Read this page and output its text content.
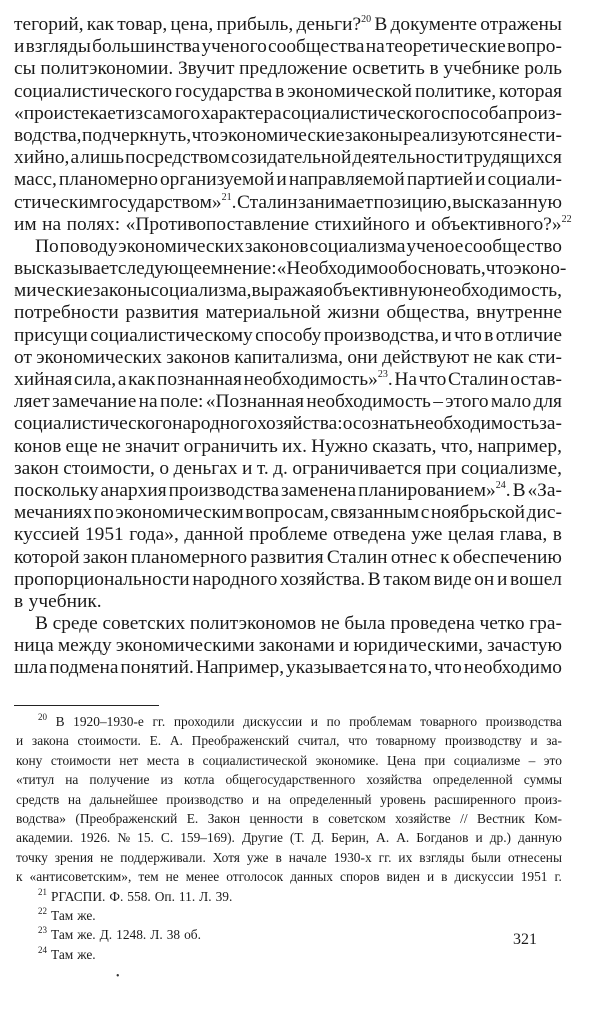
тегорий, как товар, цена, прибыль, деньги?$^{20}$ В документе отражены
и взгляды большинства ученого сообщества на теоретические вопро-
сы политэкономии. Звучит предложение осветить в учебнике роль
социалистического государства в экономической политике, которая
«проистекает из самого характера социалистического способа произ-
водства, подчеркнуть, что экономические законы реализуются не сти-
хийно, а лишь посредством созидательной деятельности трудящихся
масс, планомерно организуемой и направляемой партией и социали-
стическим государством»$^{21}$. Сталин занимает позицию, высказанную
им на полях: «Противопоставление стихийного и объективного?»$^{22}$
По поводу экономических законов социализма ученое сообщество
высказывает следующее мнение: «Необходимо обосновать, что эконо-
мические законы социализма, выражая объективную необходимость,
потребности развития материальной жизни общества, внутренне
присущи социалистическому способу производства, и что в отличие
от экономических законов капитализма, они действуют не как сти-
хийная сила, а как познанная необходимость»$^{23}$. На что Сталин остав-
ляет замечание на поле: «Познанная необходимость – этого мало для
социалистического народного хозяйства: осознать необходимость за-
конов еще не значит ограничить их. Нужно сказать, что, например,
закон стоимости, о деньгах и т. д. ограничивается при социализме,
поскольку анархия производства заменена планированием»$^{24}$. В «За-
мечаниях по экономическим вопросам, связанным с ноябрьской дис-
куссией 1951 года», данной проблеме отведена уже целая глава, в
которой закон планомерного развития Сталин отнес к обеспечению
пропорциональности народного хозяйства. В таком виде он и вошел
в учебник.
В среде советских политэкономов не была проведена четко гра-
ница между экономическими законами и юридическими, зачастую
шла подмена понятий. Например, указывается на то, что необходимо
$^{20}$ В 1920–1930-е гг. проходили дискуссии и по проблемам товарного производства
и закона стоимости. Е. А. Преображенский считал, что товарному производству и за-
кону стоимости нет места в социалистической экономике. Цена при социализме – это
«титул на получение из котла общегосударственного хозяйства определенной суммы
средств на дальнейшее производство и на определенный уровень расширенного произ-
водства» (Преображенский Е. Закон ценности в советском хозяйстве // Вестник Ком-
академии. 1926. № 15. С. 159–169). Другие (Т. Д. Берин, А. А. Богданов и др.) данную
точку зрения не поддерживали. Хотя уже в начале 1930-х гг. их взгляды были отнесены
к «антисоветским», тем не менее отголосок данных споров виден и в дискуссии 1951 г.
$^{21}$ РГАСПИ. Ф. 558. Оп. 11. Л. 39.
$^{22}$ Там же.
$^{23}$ Там же. Д. 1248. Л. 38 об.
$^{24}$ Там же.
321
•
